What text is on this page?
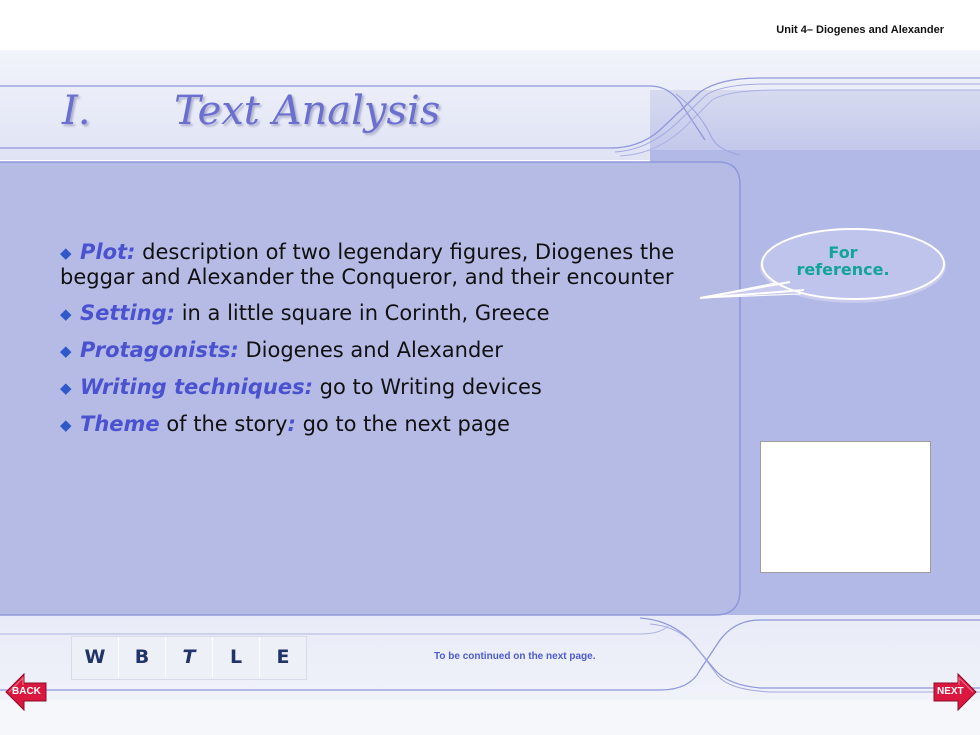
Unit 4– Diogenes and Alexander
I. Text Analysis
◆ Plot: description of two legendary figures, Diogenes the beggar and Alexander the Conqueror, and their encounter
◆ Setting: in a little square in Corinth, Greece
◆ Protagonists: Diogenes and Alexander
◆ Writing techniques: go to Writing devices
◆ Theme of the story: go to the next page
For
reference.
W	B	T	L	E	To be continued on the next page.
BACK	NEXT
